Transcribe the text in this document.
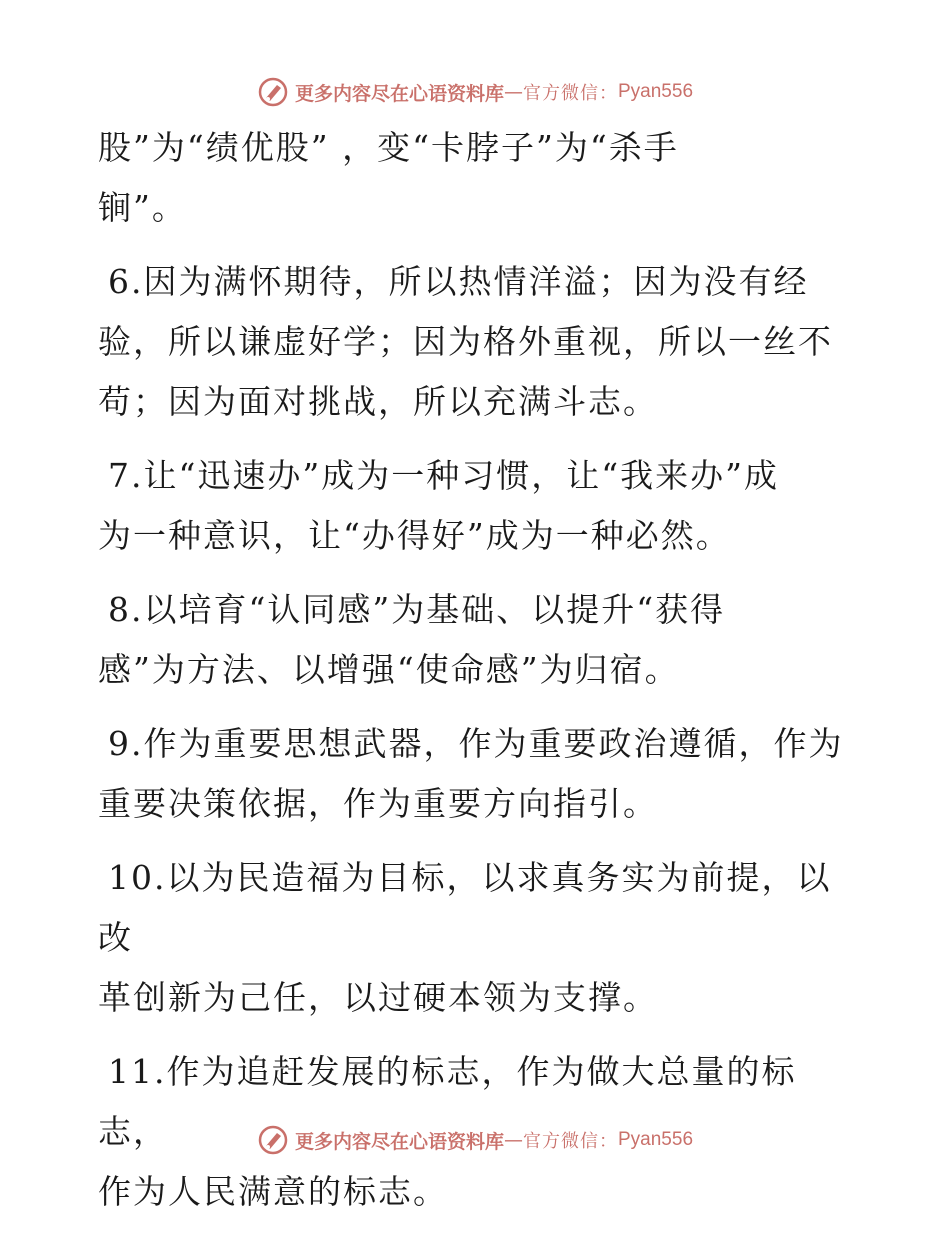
更多内容尽在心语资料库 — 官方微信： Pyan556

股”为“绩优股” ，变“卡脖子”为“杀手
锏”。

6.因为满怀期待，所以热情洋溢；因为没有经
验，所以谦虚好学；因为格外重视，所以一丝不
苟；因为面对挑战，所以充满斗志。

7.让“迅速办”成为一种习惯，让“我来办”成
为一种意识，让“办得好”成为一种必然。

8.以培育“认同感”为基础、以提升“获得
感”为方法、以增强“使命感”为归宿。

9.作为重要思想武器，作为重要政治遵循，作为
重要决策依据，作为重要方向指引。

10.以为民造福为目标，以求真务实为前提，以改
革创新为己任，以过硬本领为支撑。

11.作为追赶发展的标志，作为做大总量的标志，
作为人民满意的标志。

更多内容尽在心语资料库 — 官方微信： Pyan556
